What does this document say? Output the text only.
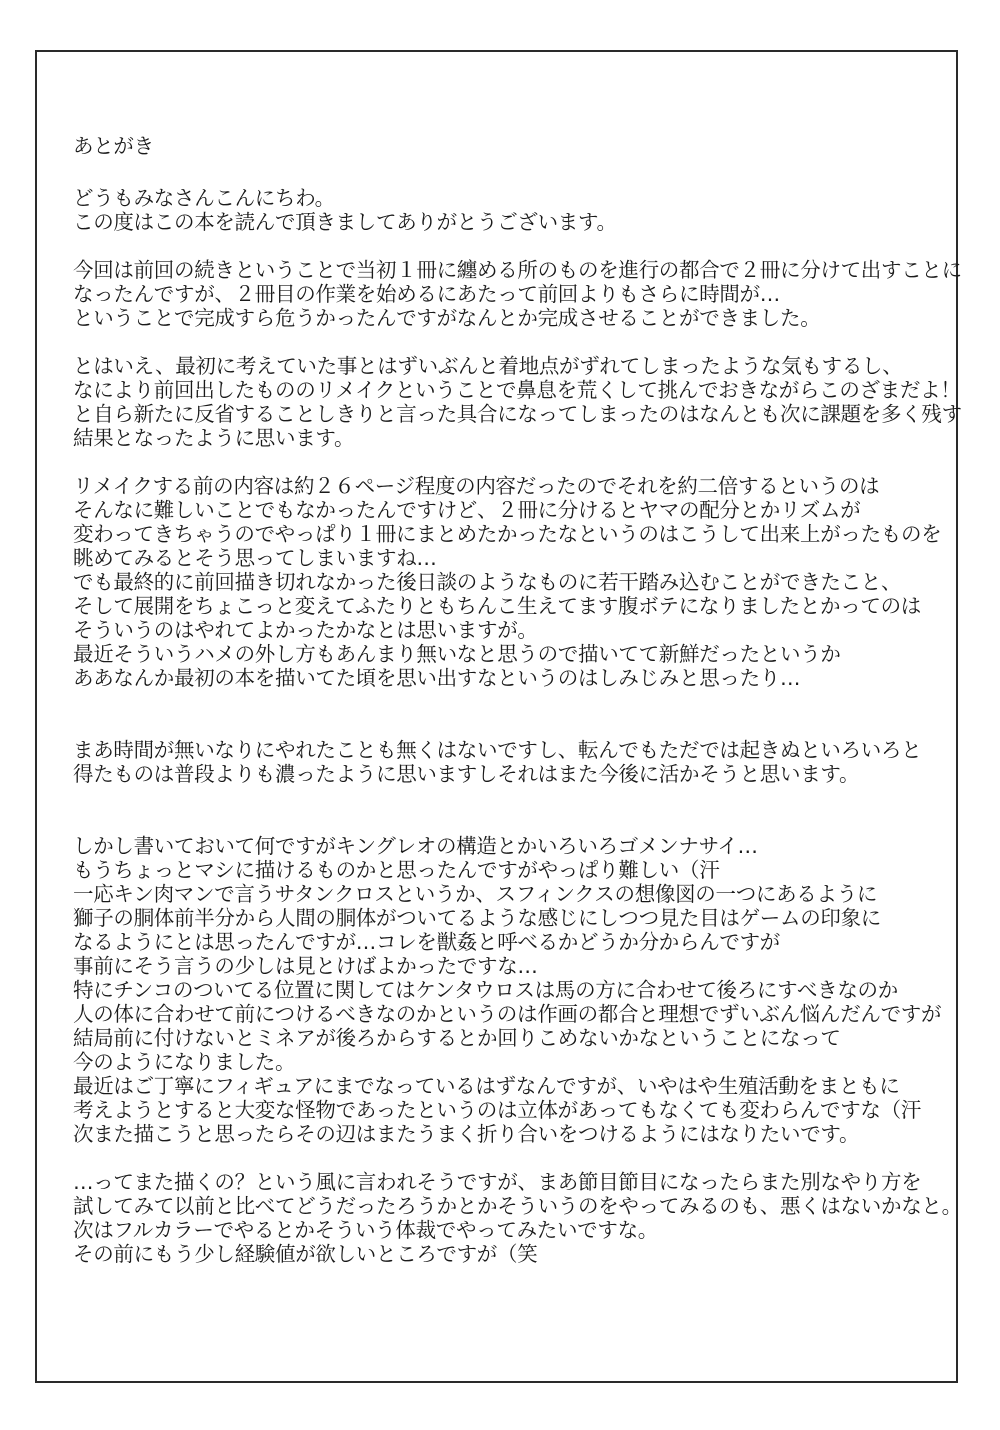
あとがき
どうもみなさんこんにちわ。
この度はこの本を読んで頂きましてありがとうございます。
今回は前回の続きということで当初１冊に纏める所のものを進行の都合で２冊に分けて出すことに
なったんですが、２冊目の作業を始めるにあたって前回よりもさらに時間が…
ということで完成すら危うかったんですがなんとか完成させることができました。
とはいえ、最初に考えていた事とはずいぶんと着地点がずれてしまったような気もするし、
なにより前回出したもののリメイクということで鼻息を荒くして挑んでおきながらこのざまだよ！
と自ら新たに反省することしきりと言った具合になってしまったのはなんとも次に課題を多く残す
結果となったように思います。
リメイクする前の内容は約２６ページ程度の内容だったのでそれを約二倍するというのは
そんなに難しいことでもなかったんですけど、２冊に分けるとヤマの配分とかリズムが
変わってきちゃうのでやっぱり１冊にまとめたかったなというのはこうして出来上がったものを
眺めてみるとそう思ってしまいますね…
でも最終的に前回描き切れなかった後日談のようなものに若干踏み込むことができたこと、
そして展開をちょこっと変えてふたりともちんこ生えてます腹ボテになりましたとかってのは
そういうのはやれてよかったかなとは思いますが。
最近そういうハメの外し方もあんまり無いなと思うので描いてて新鮮だったというか
ああなんか最初の本を描いてた頃を思い出すなというのはしみじみと思ったり…
まあ時間が無いなりにやれたことも無くはないですし、転んでもただでは起きぬといろいろと
得たものは普段よりも濃ったように思いますしそれはまた今後に活かそうと思います。
しかし書いておいて何ですがキングレオの構造とかいろいろゴメンナサイ…
もうちょっとマシに描けるものかと思ったんですがやっぱり難しい（汗
一応キン肉マンで言うサタンクロスというか、スフィンクスの想像図の一つにあるように
獅子の胴体前半分から人間の胴体がついてるような感じにしつつ見た目はゲームの印象に
なるようにとは思ったんですが…コレを獣姦と呼べるかどうか分からんですが
事前にそう言うの少しは見とけばよかったですな…
特にチンコのついてる位置に関してはケンタウロスは馬の方に合わせて後ろにすべきなのか
人の体に合わせて前につけるべきなのかというのは作画の都合と理想でずいぶん悩んだんですが
結局前に付けないとミネアが後ろからするとか回りこめないかなということになって
今のようになりました。
最近はご丁寧にフィギュアにまでなっているはずなんですが、いやはや生殖活動をまともに
考えようとすると大変な怪物であったというのは立体があってもなくても変わらんですな（汗
次また描こうと思ったらその辺はまたうまく折り合いをつけるようにはなりたいです。
…ってまた描くの？という風に言われそうですが、まあ節目節目になったらまた別なやり方を
試してみて以前と比べてどうだったろうかとかそういうのをやってみるのも、悪くはないかなと。
次はフルカラーでやるとかそういう体裁でやってみたいですな。
その前にもう少し経験値が欲しいところですが（笑
